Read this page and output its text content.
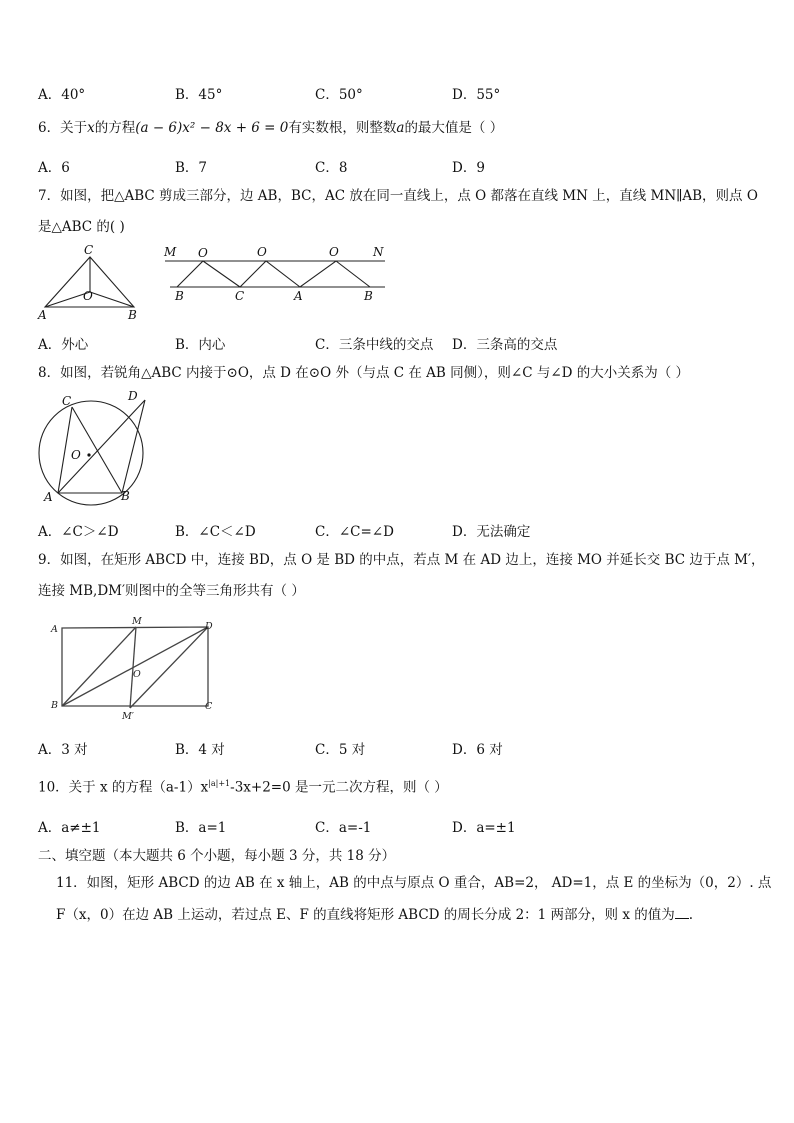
A．40°	B．45°	C．50°	D．55°
6．关于x的方程(a − 6)x² − 8x + 6 = 0有实数根，则整数a的最大值是（ ）
A．6	B．7	C．8	D．9
7．如图，把△ABC 剪成三部分，边 AB，BC，AC 放在同一直线上，点 O 都落在直线 MN 上，直线 MN∥AB，则点 O
是△ABC 的( )
C
O
A	B
M O	O	O	N
B	C	A	B
A．外心	B．内心	C．三条中线的交点 D．三条高的交点
8．如图，若锐角△ABC 内接于⊙O，点 D 在⊙O 外（与点 C 在 AB 同侧），则∠C 与∠D 的大小关系为（ ）
C	D
O
A	B
A．∠C＞∠D	B．∠C＜∠D	C．∠C=∠D	D．无法确定
9．如图，在矩形 ABCD 中，连接 BD，点 O 是 BD 的中点，若点 M 在 AD 边上，连接 MO 并延长交 BC 边于点 M′，
连接 MB,DM′则图中的全等三角形共有（ ）
A
M	D
O
B
M′
C
A．3 对	B．4 对	C．5 对	D．6 对
10．关于 x 的方程$(a-1)x^{|a|+1}-3x+2=0$ 是一元二次方程，则（ ）
A．a≠±1	B．a=1	C．a=-1	D．a=±1
二、填空题（本大题共 6 个小题，每小题 3 分，共 18 分）
11．如图，矩形 ABCD 的边 AB 在 x 轴上，AB 的中点与原点 O 重合，AB=2， AD=1，点 E 的坐标为（0，2）. 点
F（x，0）在边 AB 上运动，若过点 E、F 的直线将矩形 ABCD 的周长分成 2：1 两部分，则 x 的值为 .
